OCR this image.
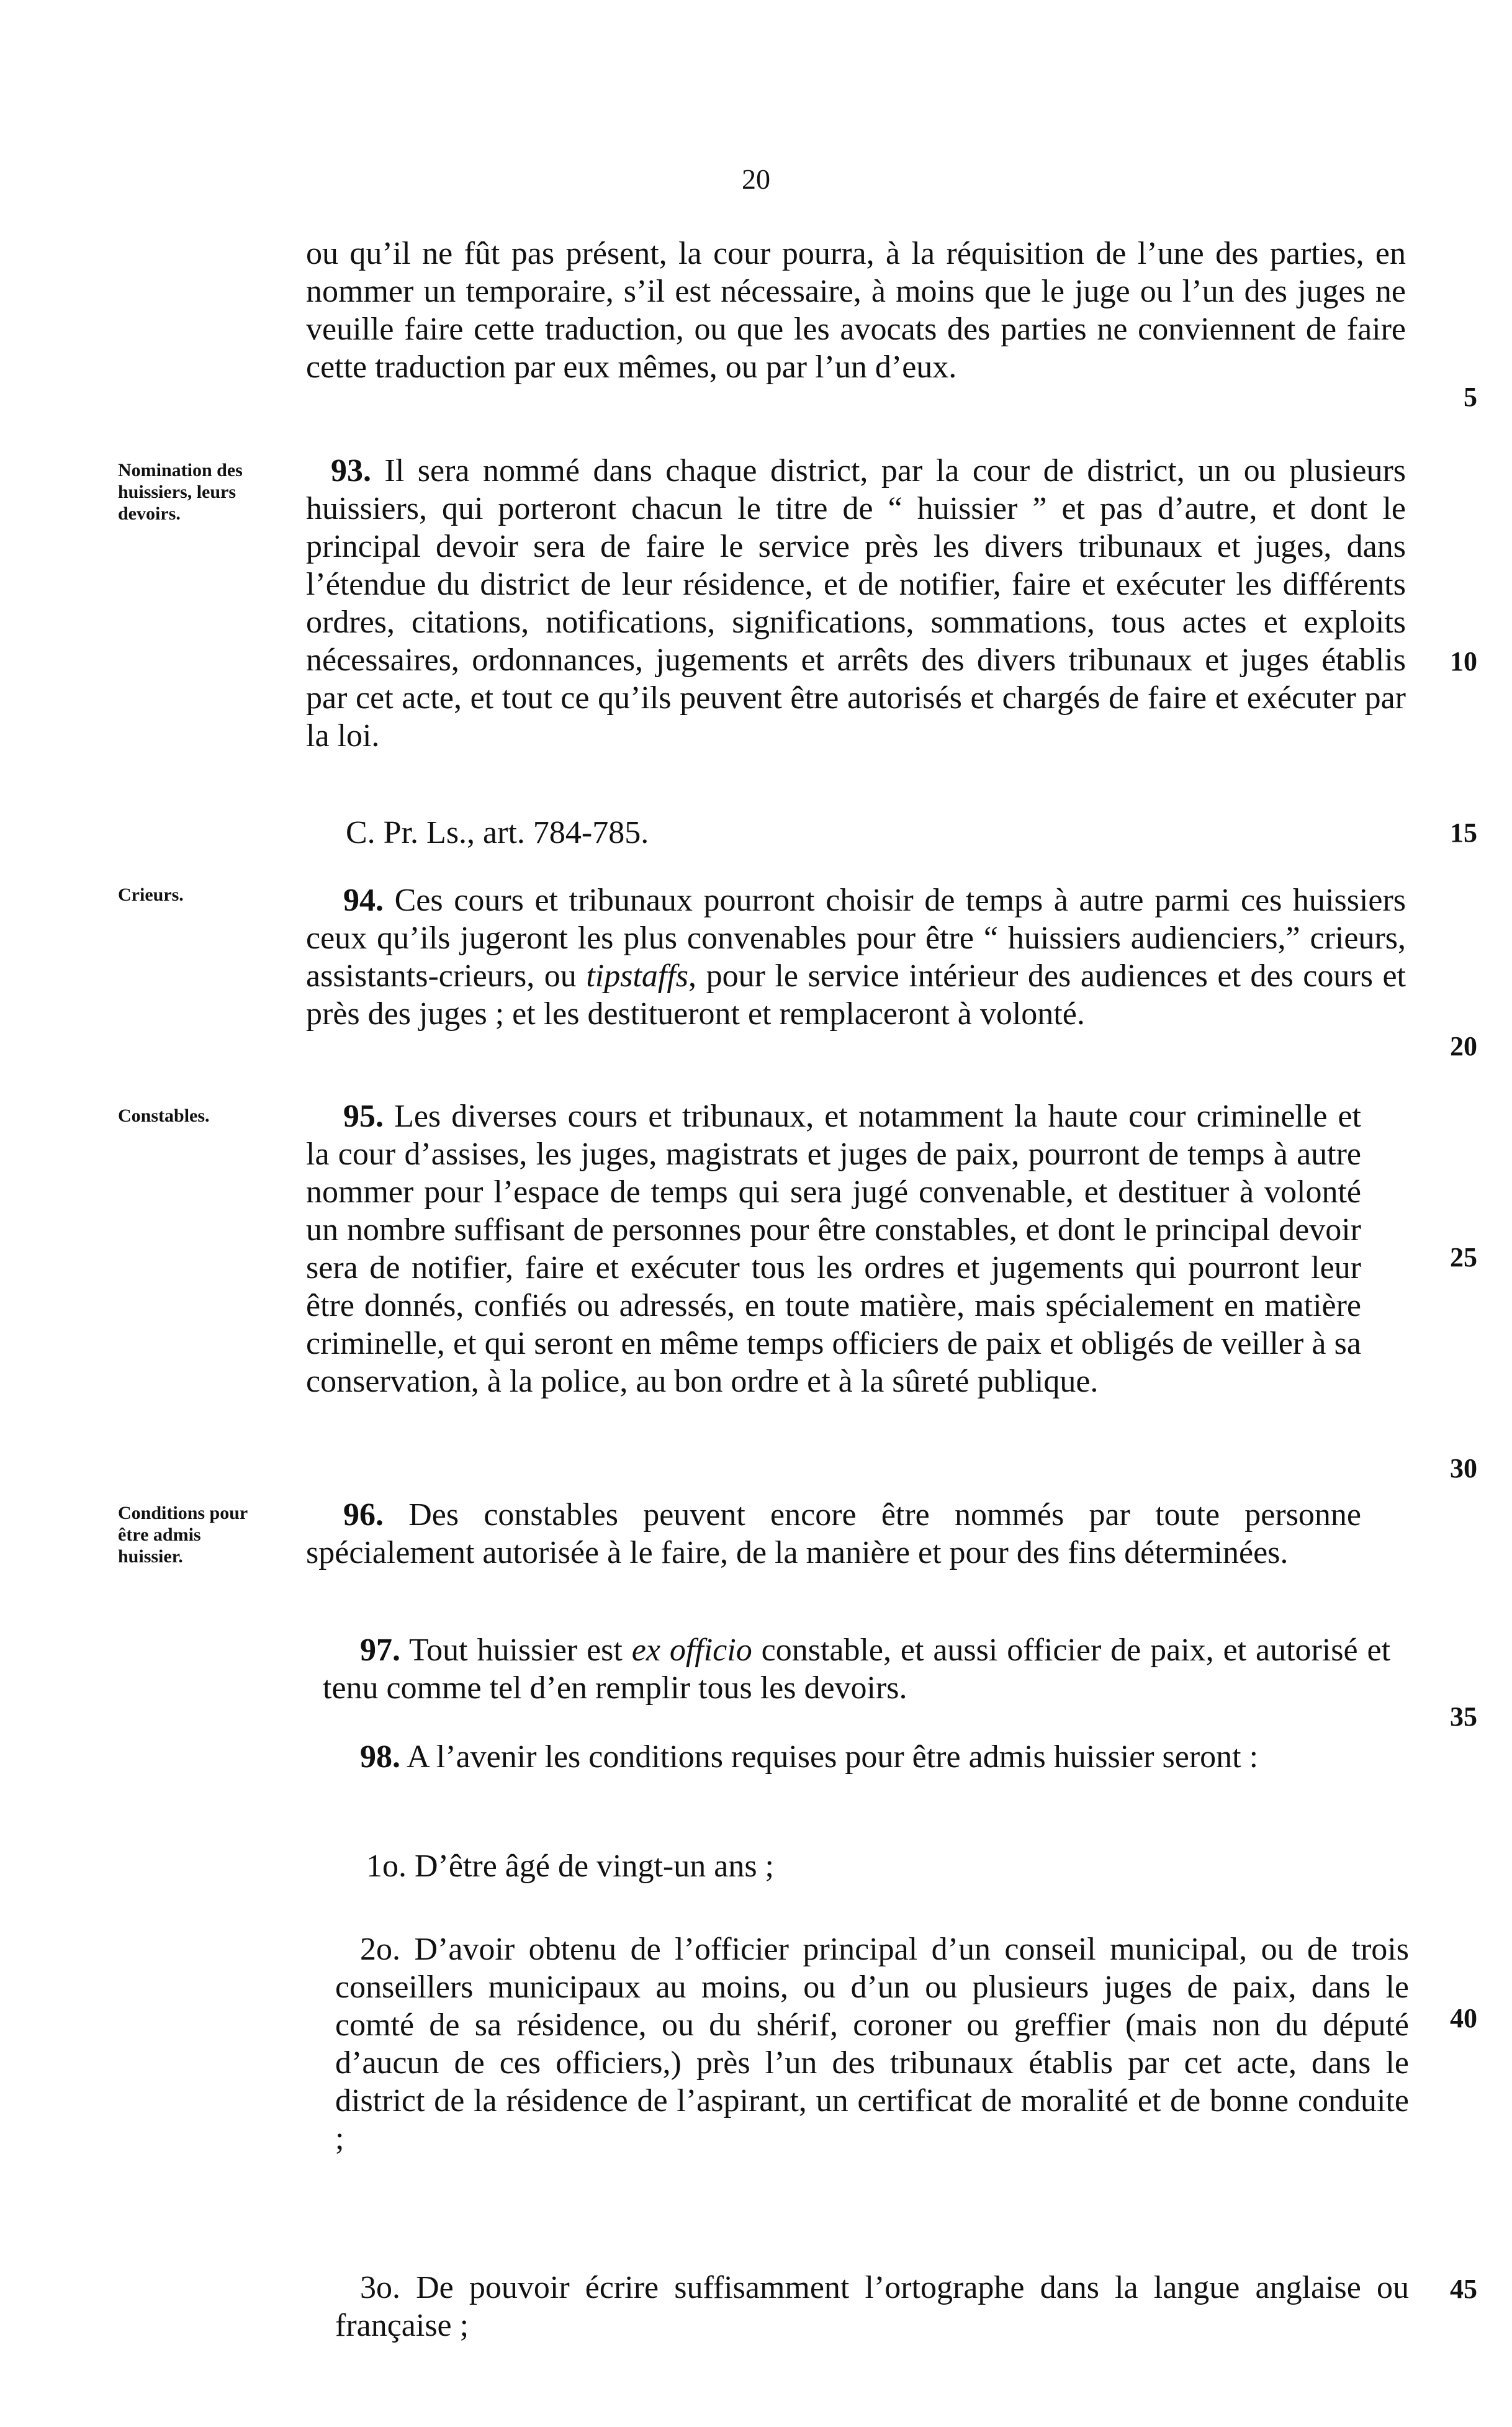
20
ou qu’il ne fût pas présent, la cour pourra, à la réquisition de l’une des parties, en nommer un temporaire, s’il est nécessaire, à moins que le juge ou l’un des juges ne veuille faire cette traduction, ou que les avocats des parties ne conviennent de faire cette traduction par eux mêmes, ou par l’un d’eux.
Nomination des huissiers, leurs devoirs.
93. Il sera nommé dans chaque district, par la cour de district, un ou plusieurs huissiers, qui porteront chacun le titre de “ huissier ” et pas d’autre, et dont le principal devoir sera de faire le service près les divers tribunaux et juges, dans l’étendue du district de leur résidence, et de notifier, faire et exécuter les différents ordres, citations, notifications, significations, sommations, tous actes et exploits nécessaires, ordonnances, jugements et arrêts des divers tribunaux et juges établis par cet acte, et tout ce qu’ils peuvent être autorisés et chargés de faire et exécuter par la loi.
C. Pr. Ls., art. 784-785.
Crieurs.	94. Ces cours et tribunaux pourront choisir de temps à autre parmi ces huissiers ceux qu’ils jugeront les plus convenables pour être “ huissiers audienciers,” crieurs, assistants-crieurs, ou tipstaffs, pour le service intérieur des audiences et des cours et près des juges ; et les destitueront et remplaceront à volonté.
Constables.	95. Les diverses cours et tribunaux, et notamment la haute cour criminelle et la cour d’assises, les juges, magistrats et juges de paix, pourront de temps à autre nommer pour l’espace de temps qui sera jugé convenable, et destituer à volonté un nombre suffisant de personnes pour être constables, et dont le principal devoir sera de notifier, faire et exécuter tous les ordres et jugements qui pourront leur être donnés, confiés ou adressés, en toute matière, mais spécialement en matière criminelle, et qui seront en même temps officiers de paix et obligés de veiller à sa conservation, à la police, au bon ordre et à la sûreté publique.
Conditions pour être admis huissier.
96. Des constables peuvent encore être nommés par toute personne spécialement autorisée à le faire, de la manière et pour des fins déterminées.
97. Tout huissier est ex officio constable, et aussi officier de paix, et autorisé et tenu comme tel d’en remplir tous les devoirs.
98. A l’avenir les conditions requises pour être admis huissier seront :
1o. D’être âgé de vingt-un ans ;
2o. D’avoir obtenu de l’officier principal d’un conseil municipal, ou de trois conseillers municipaux au moins, ou d’un ou plusieurs juges de paix, dans le comté de sa résidence, ou du shérif, coroner ou greffier (mais non du député d’aucun de ces officiers,) près l’un des tribunaux établis par cet acte, dans le district de la résidence de l’aspirant, un certificat de moralité et de bonne conduite ;
3o. De pouvoir écrire suffisamment l’ortographe dans la langue anglaise ou française ;
5
10
15
20
25
30
35
40
45
